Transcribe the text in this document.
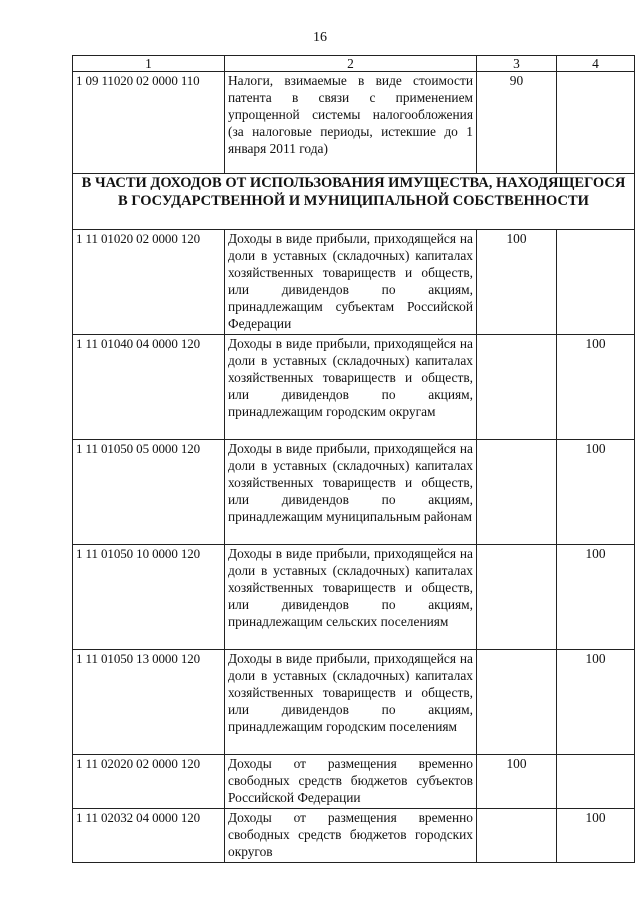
16
1	2	3	4
1 09 11020 02 0000 110	Налоги, взимаемые в виде стоимости патента в связи с применением упрощенной системы налогообложения (за налоговые периоды, истекшие до 1 января 2011 года)	90	
В ЧАСТИ ДОХОДОВ ОТ ИСПОЛЬЗОВАНИЯ ИМУЩЕСТВА, НАХОДЯЩЕГОСЯ В ГОСУДАРСТВЕННОЙ И МУНИЦИПАЛЬНОЙ СОБСТВЕННОСТИ			
1 11 01020 02 0000 120	Доходы в виде прибыли, приходящейся на доли в уставных (складочных) капиталах хозяйственных товариществ и обществ, или дивидендов по акциям, принадлежащим субъектам Российской Федерации	100	
1 11 01040 04 0000 120	Доходы в виде прибыли, приходящейся на доли в уставных (складочных) капиталах хозяйственных товариществ и обществ, или дивидендов по акциям, принадлежащим городским округам		100
1 11 01050 05 0000 120	Доходы в виде прибыли, приходящейся на доли в уставных (складочных) капиталах хозяйственных товариществ и обществ, или дивидендов по акциям, принадлежащим муниципальным районам		100
1 11 01050 10 0000 120	Доходы в виде прибыли, приходящейся на доли в уставных (складочных) капиталах хозяйственных товариществ и обществ, или дивидендов по акциям, принадлежащим сельских поселениям		100
1 11 01050 13 0000 120	Доходы в виде прибыли, приходящейся на доли в уставных (складочных) капиталах хозяйственных товариществ и обществ, или дивидендов по акциям, принадлежащим городским поселениям		100
1 11 02020 02 0000 120	Доходы от размещения временно свободных средств бюджетов субъектов Российской Федерации	100	
1 11 02032 04 0000 120	Доходы от размещения временно свободных средств бюджетов городских округов		100
